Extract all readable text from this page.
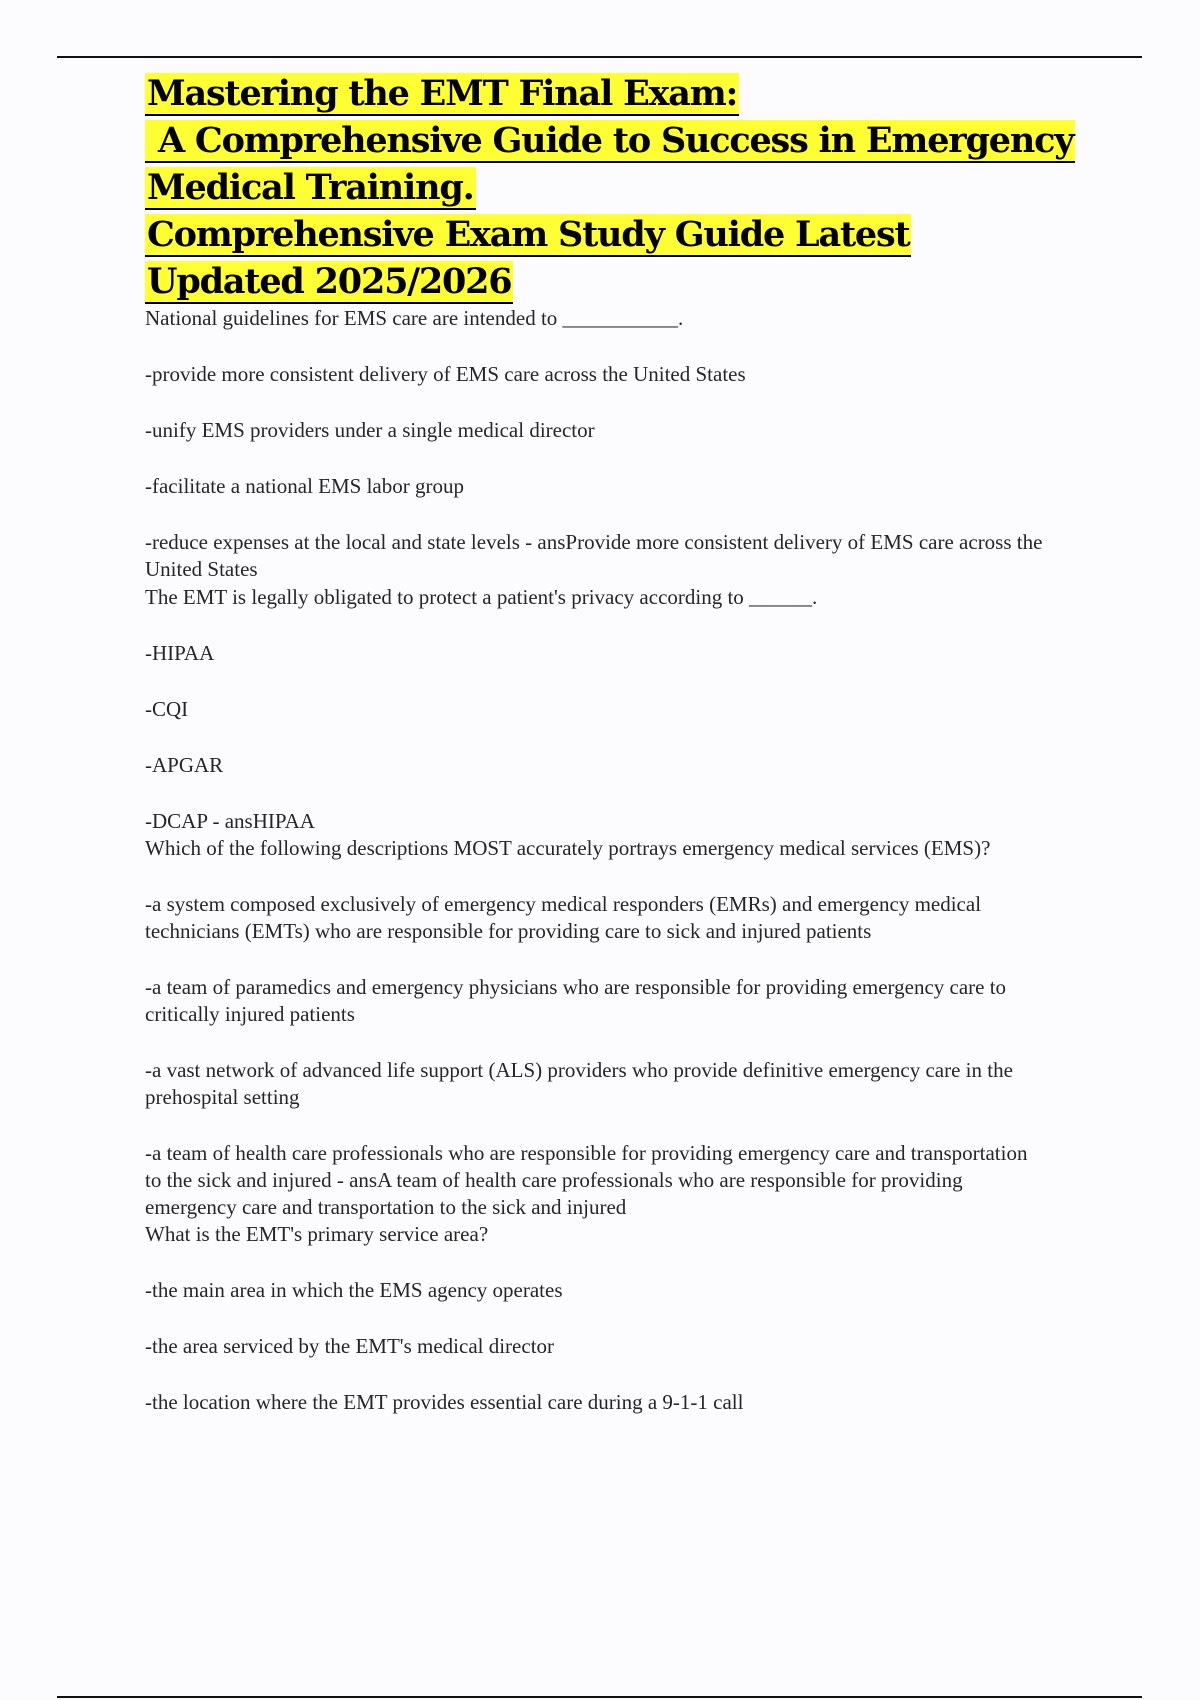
Mastering the EMT Final Exam:
A Comprehensive Guide to Success in Emergency
Medical Training.
Comprehensive Exam Study Guide Latest
Updated 2025/2026

National guidelines for EMS care are intended to ___________.

-provide more consistent delivery of EMS care across the United States

-unify EMS providers under a single medical director

-facilitate a national EMS labor group

-reduce expenses at the local and state levels - ansProvide more consistent delivery of EMS care across the United States

The EMT is legally obligated to protect a patient's privacy according to ______.

-HIPAA

-CQI

-APGAR

-DCAP - ansHIPAA

Which of the following descriptions MOST accurately portrays emergency medical services (EMS)?

-a system composed exclusively of emergency medical responders (EMRs) and emergency medical technicians (EMTs) who are responsible for providing care to sick and injured patients

-a team of paramedics and emergency physicians who are responsible for providing emergency care to critically injured patients

-a vast network of advanced life support (ALS) providers who provide definitive emergency care in the prehospital setting

-a team of health care professionals who are responsible for providing emergency care and transportation to the sick and injured - ansA team of health care professionals who are responsible for providing emergency care and transportation to the sick and injured

What is the EMT's primary service area?

-the main area in which the EMS agency operates

-the area serviced by the EMT's medical director

-the location where the EMT provides essential care during a 9-1-1 call
